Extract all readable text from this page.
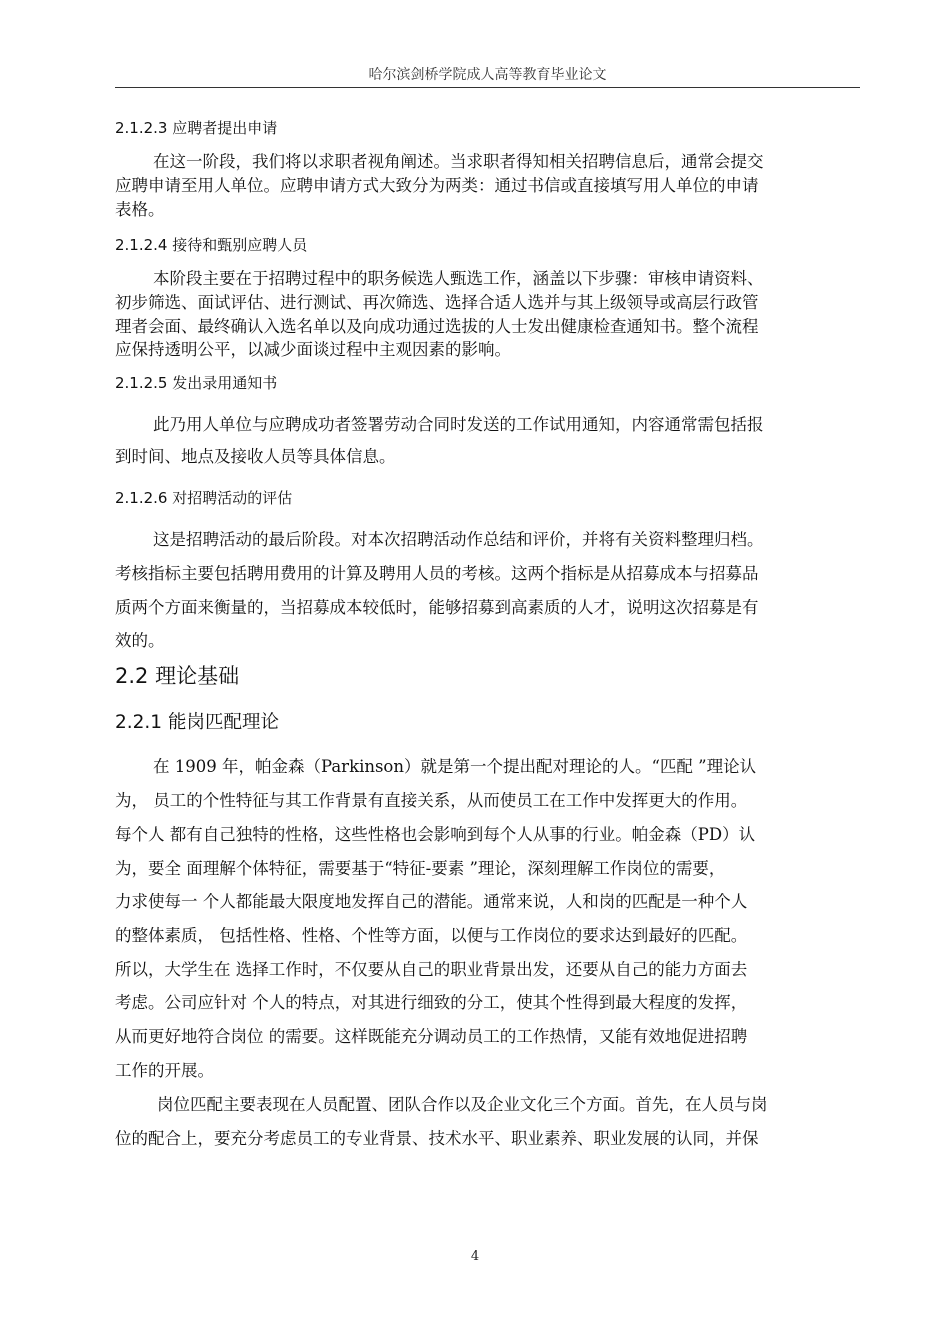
哈尔滨剑桥学院成人高等教育毕业论文
2.1.2.3 应聘者提出申请
在这一阶段，我们将以求职者视角阐述。当求职者得知相关招聘信息后，通常会提交
应聘申请至用人单位。应聘申请方式大致分为两类：通过书信或直接填写用人单位的申请
表格。
2.1.2.4 接待和甄别应聘人员
本阶段主要在于招聘过程中的职务候选人甄选工作，涵盖以下步骤：审核申请资料、
初步筛选、面试评估、进行测试、再次筛选、选择合适人选并与其上级领导或高层行政管
理者会面、最终确认入选名单以及向成功通过选拔的人士发出健康检查通知书。整个流程
应保持透明公平，以减少面谈过程中主观因素的影响。
2.1.2.5 发出录用通知书
此乃用人单位与应聘成功者签署劳动合同时发送的工作试用通知，内容通常需包括报
到时间、地点及接收人员等具体信息。
2.1.2.6 对招聘活动的评估
这是招聘活动的最后阶段。对本次招聘活动作总结和评价，并将有关资料整理归档。
考核指标主要包括聘用费用的计算及聘用人员的考核。这两个指标是从招募成本与招募品
质两个方面来衡量的，当招募成本较低时，能够招募到高素质的人才，说明这次招募是有
效的。
2.2 理论基础
2.2.1 能岗匹配理论
在 1909 年，帕金森（Parkinson）就是第一个提出配对理论的人。“匹配 ”理论认
为， 员工的个性特征与其工作背景有直接关系，从而使员工在工作中发挥更大的作用。
每个人 都有自己独特的性格，这些性格也会影响到每个人从事的行业。帕金森（PD）认
为，要全 面理解个体特征，需要基于“特征-要素 ”理论，深刻理解工作岗位的需要，
力求使每一 个人都能最大限度地发挥自己的潜能。通常来说，人和岗的匹配是一种个人
的整体素质， 包括性格、性格、个性等方面，以便与工作岗位的要求达到最好的匹配。
所以，大学生在 选择工作时，不仅要从自己的职业背景出发，还要从自己的能力方面去
考虑。公司应针对 个人的特点，对其进行细致的分工，使其个性得到最大程度的发挥，
从而更好地符合岗位 的需要。这样既能充分调动员工的工作热情，又能有效地促进招聘
工作的开展。
岗位匹配主要表现在人员配置、团队合作以及企业文化三个方面。首先，在人员与岗
位的配合上，要充分考虑员工的专业背景、技术水平、职业素养、职业发展的认同，并保
4
